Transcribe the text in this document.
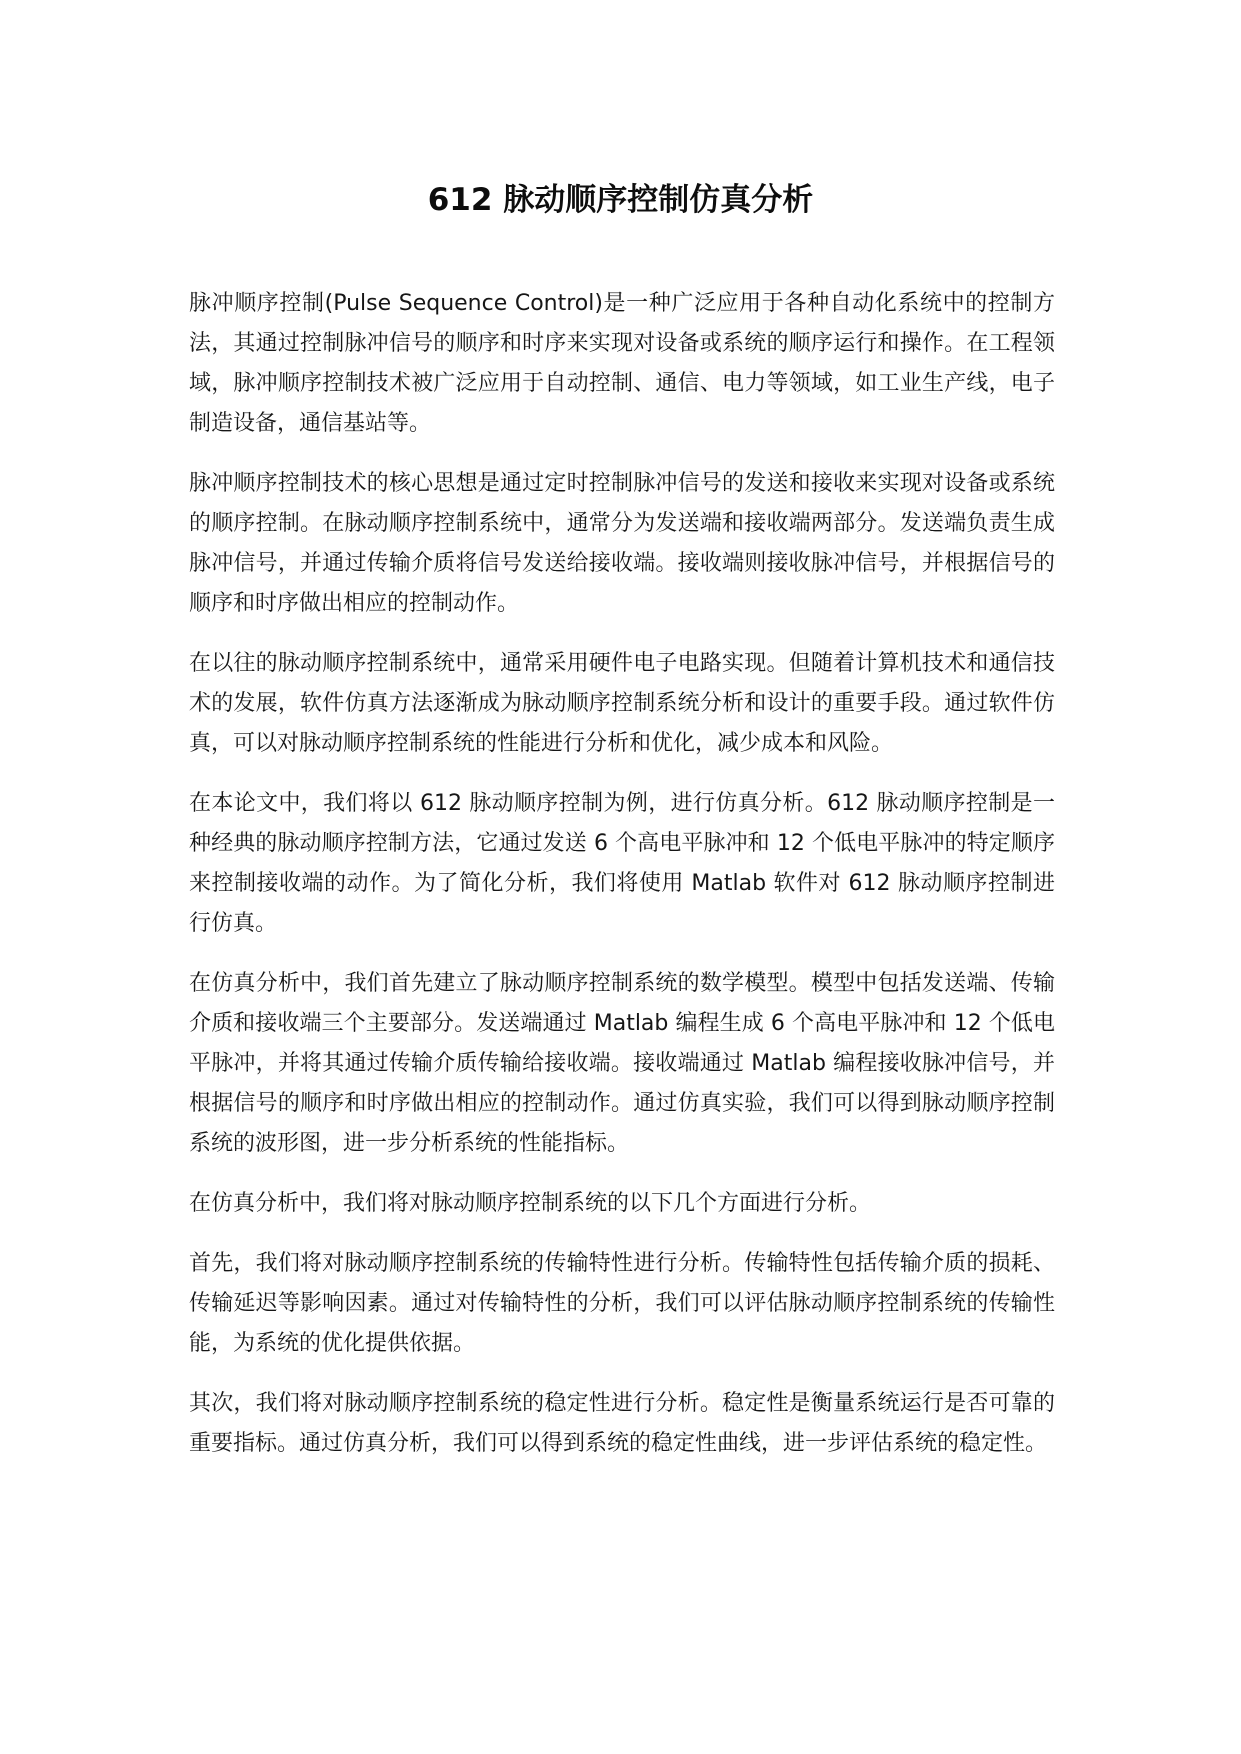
612 脉动顺序控制仿真分析

脉冲顺序控制(Pulse Sequence Control)是一种广泛应用于各种自动化系统中的控制方法，其通过控制脉冲信号的顺序和时序来实现对设备或系统的顺序运行和操作。在工程领域，脉冲顺序控制技术被广泛应用于自动控制、通信、电力等领域，如工业生产线，电子制造设备，通信基站等。

脉冲顺序控制技术的核心思想是通过定时控制脉冲信号的发送和接收来实现对设备或系统的顺序控制。在脉动顺序控制系统中，通常分为发送端和接收端两部分。发送端负责生成脉冲信号，并通过传输介质将信号发送给接收端。接收端则接收脉冲信号，并根据信号的顺序和时序做出相应的控制动作。

在以往的脉动顺序控制系统中，通常采用硬件电子电路实现。但随着计算机技术和通信技术的发展，软件仿真方法逐渐成为脉动顺序控制系统分析和设计的重要手段。通过软件仿真，可以对脉动顺序控制系统的性能进行分析和优化，减少成本和风险。

在本论文中，我们将以 612 脉动顺序控制为例，进行仿真分析。612 脉动顺序控制是一种经典的脉动顺序控制方法，它通过发送 6 个高电平脉冲和 12 个低电平脉冲的特定顺序来控制接收端的动作。为了简化分析，我们将使用 Matlab 软件对 612 脉动顺序控制进行仿真。

在仿真分析中，我们首先建立了脉动顺序控制系统的数学模型。模型中包括发送端、传输介质和接收端三个主要部分。发送端通过 Matlab 编程生成 6 个高电平脉冲和 12 个低电平脉冲，并将其通过传输介质传输给接收端。接收端通过 Matlab 编程接收脉冲信号，并根据信号的顺序和时序做出相应的控制动作。通过仿真实验，我们可以得到脉动顺序控制系统的波形图，进一步分析系统的性能指标。

在仿真分析中，我们将对脉动顺序控制系统的以下几个方面进行分析。

首先，我们将对脉动顺序控制系统的传输特性进行分析。传输特性包括传输介质的损耗、传输延迟等影响因素。通过对传输特性的分析，我们可以评估脉动顺序控制系统的传输性能，为系统的优化提供依据。

其次，我们将对脉动顺序控制系统的稳定性进行分析。稳定性是衡量系统运行是否可靠的重要指标。通过仿真分析，我们可以得到系统的稳定性曲线，进一步评估系统的稳定性。
